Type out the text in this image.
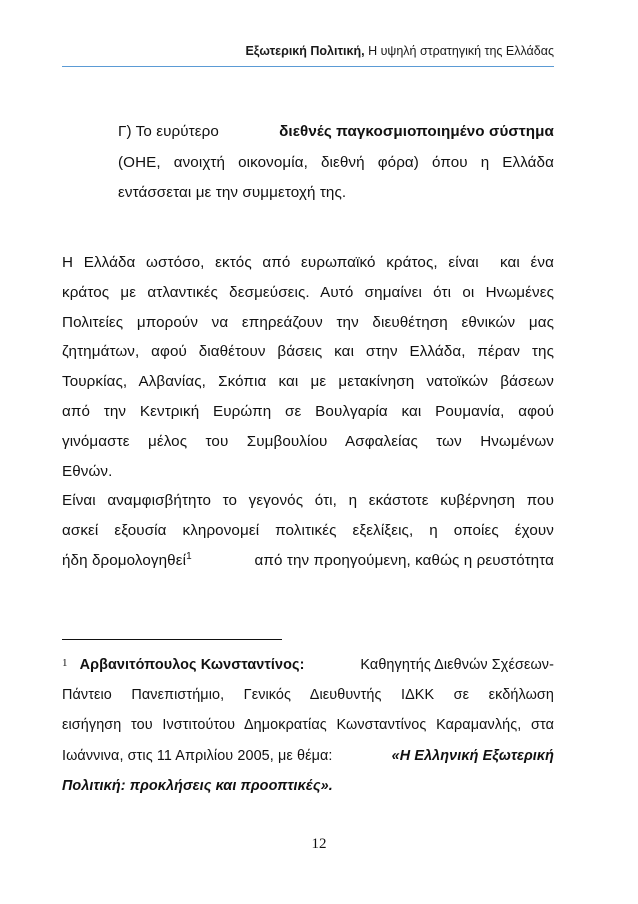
Εξωτερική Πολιτική, Η υψηλή στρατηγική της Ελλάδας
Γ) Το ευρύτερο	διεθνές παγκοσμιοποιημένο σύστημα
(ΟΗΕ, ανοιχτή οικονομία, διεθνή φόρα) όπου η Ελλάδα
εντάσσεται με την συμμετοχή της.
Η Ελλάδα ωστόσο, εκτός από ευρωπαϊκό κράτος, είναι  και ένα
κράτος με ατλαντικές δεσμεύσεις. Αυτό σημαίνει ότι οι Ηνωμένες
Πολιτείες μπορούν να επηρεάζουν την διευθέτηση εθνικών μας
ζητημάτων, αφού διαθέτουν βάσεις και στην Ελλάδα, πέραν της
Τουρκίας, Αλβανίας, Σκόπια και με μετακίνηση νατοϊκών βάσεων
από την Κεντρική Ευρώπη σε Βουλγαρία και Ρουμανία, αφού
γινόμαστε μέλος του Συμβουλίου Ασφαλείας των Ηνωμένων
Εθνών.
Είναι αναμφισβήτητο το γεγονός ότι, η εκάστοτε κυβέρνηση που
ασκεί εξουσία κληρονομεί πολιτικές εξελίξεις, η οποίες έχουν
ήδη δρομολογηθεί$^1$	από την προηγούμενη, καθώς η ρευστότητα
$^1$ Αρβανιτόπουλος Κωνσταντίνος:	Καθηγητής Διεθνών Σχέσεων-
Πάντειο Πανεπιστήμιο, Γενικός Διευθυντής ΙΔΚΚ σε εκδήλωση
εισήγηση του Ινστιτούτου Δημοκρατίας Κωνσταντίνος Καραμανλής, στα
Ιωάννινα, στις 11 Απριλίου 2005, με θέμα:	«Η Ελληνική Εξωτερική
Πολιτική: προκλήσεις και προοπτικές».
12
